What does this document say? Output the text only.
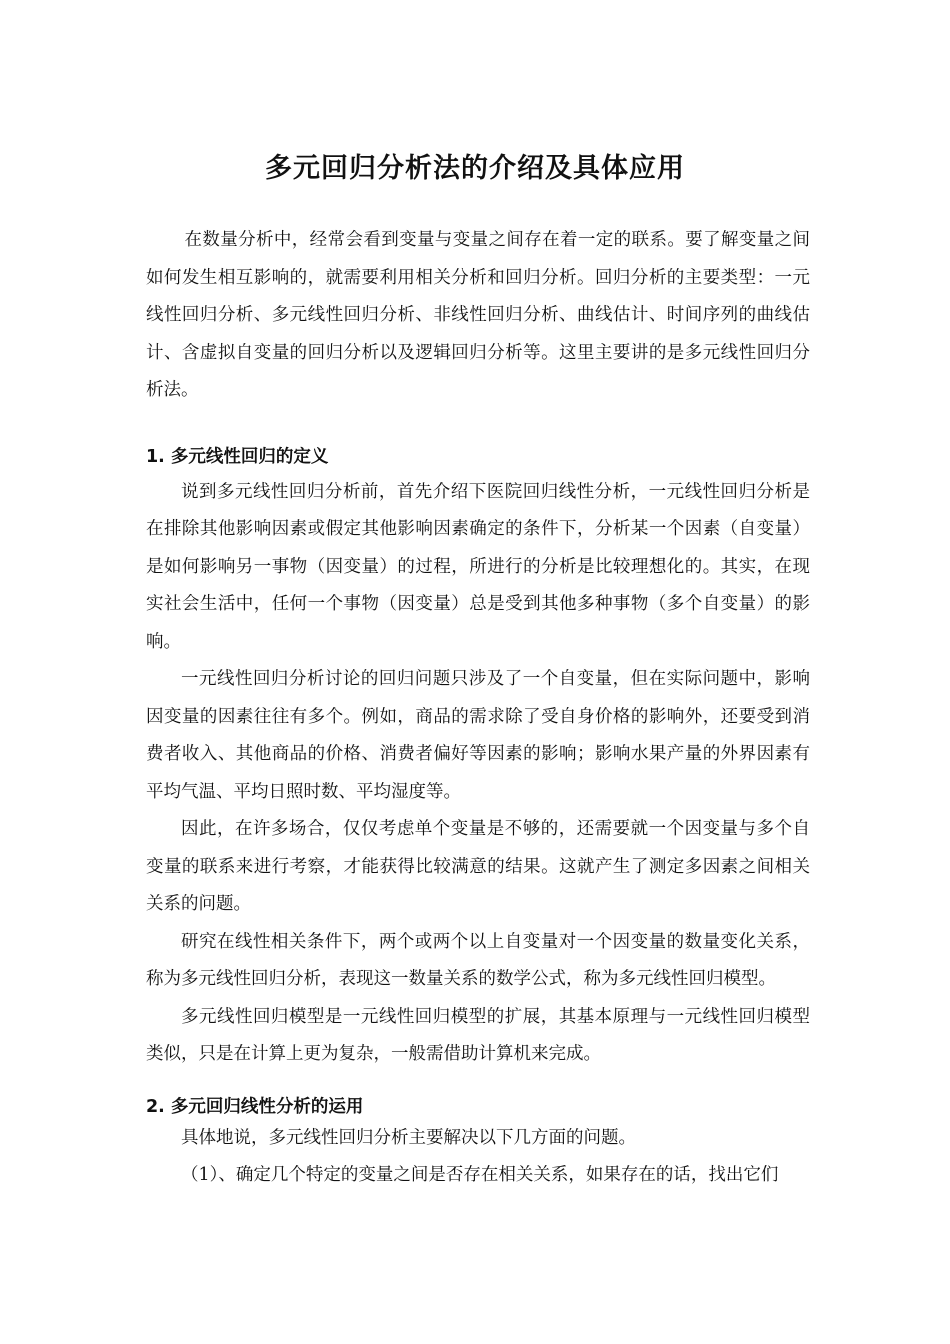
多元回归分析法的介绍及具体应用

在数量分析中，经常会看到变量与变量之间存在着一定的联系。要了解变量之间如何发生相互影响的，就需要利用相关分析和回归分析。回归分析的主要类型：一元线性回归分析、多元线性回归分析、非线性回归分析、曲线估计、时间序列的曲线估计、含虚拟自变量的回归分析以及逻辑回归分析等。这里主要讲的是多元线性回归分析法。

1. 多元线性回归的定义

说到多元线性回归分析前，首先介绍下医院回归线性分析，一元线性回归分析是在排除其他影响因素或假定其他影响因素确定的条件下，分析某一个因素（自变量）是如何影响另一事物（因变量）的过程，所进行的分析是比较理想化的。其实，在现实社会生活中，任何一个事物（因变量）总是受到其他多种事物（多个自变量）的影响。

一元线性回归分析讨论的回归问题只涉及了一个自变量，但在实际问题中，影响因变量的因素往往有多个。例如，商品的需求除了受自身价格的影响外，还要受到消费者收入、其他商品的价格、消费者偏好等因素的影响；影响水果产量的外界因素有平均气温、平均日照时数、平均湿度等。

因此，在许多场合，仅仅考虑单个变量是不够的，还需要就一个因变量与多个自变量的联系来进行考察，才能获得比较满意的结果。这就产生了测定多因素之间相关关系的问题。

研究在线性相关条件下，两个或两个以上自变量对一个因变量的数量变化关系，称为多元线性回归分析，表现这一数量关系的数学公式，称为多元线性回归模型。

多元线性回归模型是一元线性回归模型的扩展，其基本原理与一元线性回归模型类似，只是在计算上更为复杂，一般需借助计算机来完成。

2. 多元回归线性分析的运用

具体地说，多元线性回归分析主要解决以下几方面的问题。

（1）、确定几个特定的变量之间是否存在相关关系，如果存在的话，找出它们
